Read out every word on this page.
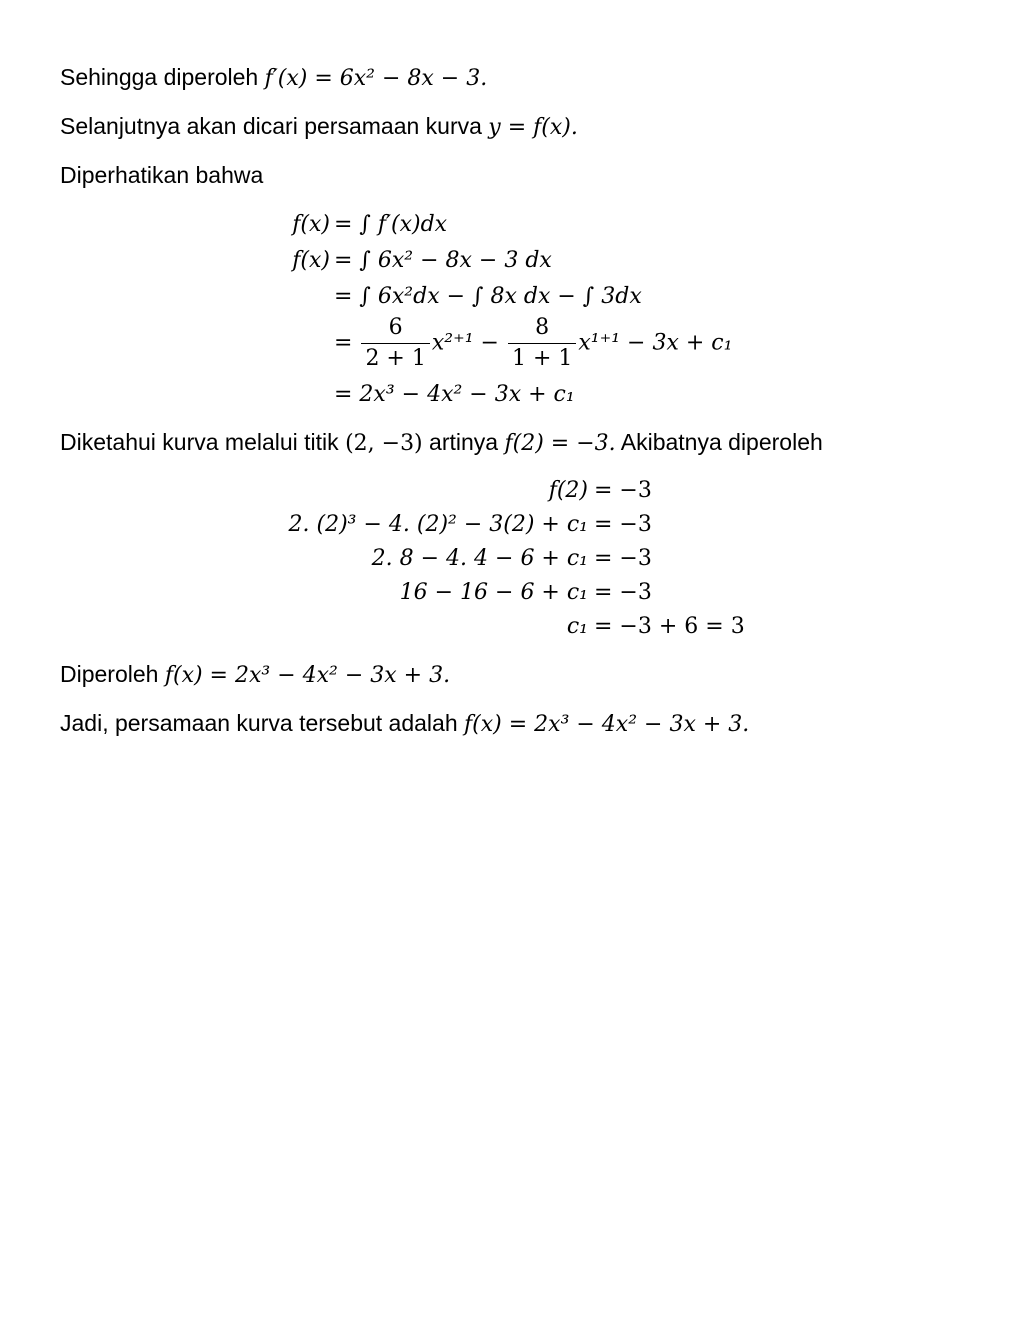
Sehingga diperoleh f′(x) = 6x² − 8x − 3.
Selanjutnya akan dicari persamaan kurva y = f(x).
Diperhatikan bahwa
f(x) = ∫ f′(x)dx
f(x) = ∫ 6x² − 8x − 3 dx
= ∫ 6x²dx − ∫ 8x dx − ∫ 3dx
= $\frac{6}{2 + 1} x^{2+1} - \frac{8}{1 + 1} x^{1+1} - 3x + c_1$
= 2x³ − 4x² − 3x + c₁
Diketahui kurva melalui titik (2, −3) artinya f(2) = −3. Akibatnya diperoleh
f(2) = −3
2. (2)³ − 4. (2)² − 3(2) + c₁ = −3
2. 8 − 4. 4 − 6 + c₁ = −3
16 − 16 − 6 + c₁ = −3
c₁ = −3 + 6 = 3
Diperoleh f(x) = 2x³ − 4x² − 3x + 3.
Jadi, persamaan kurva tersebut adalah f(x) = 2x³ − 4x² − 3x + 3.
